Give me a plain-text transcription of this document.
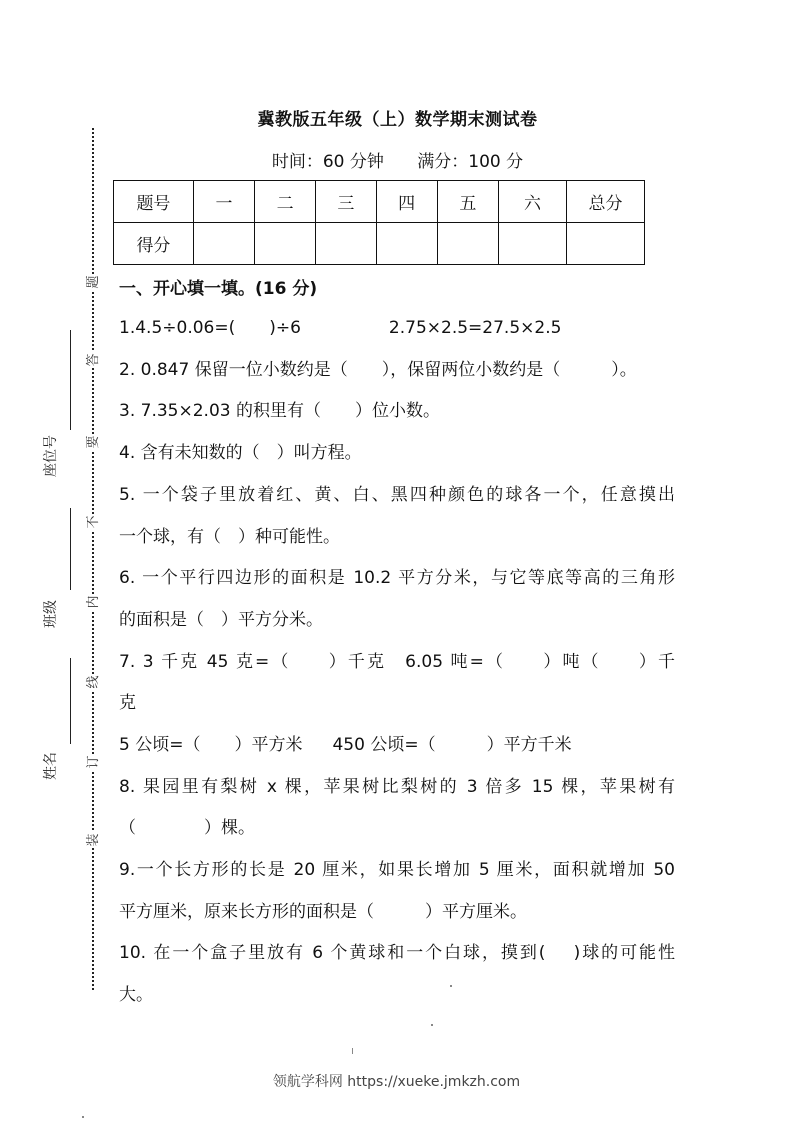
题
答
要
不
内
线
订
装
座位号
班级
姓名
冀教版五年级（上）数学期末测试卷
时间：60 分钟 满分：100 分
题号	一	二	三	四	五	六	总分
得分							
一、开心填一填。(16 分)
1.4.5÷0.06=(　　)÷6	2.75×2.5=27.5×2.5
2. 0.847 保留一位小数约是（　　），保留两位小数约是（　　　）。
3. 7.35×2.03 的积里有（　　）位小数。
4. 含有未知数的（　）叫方程。
5. 一个袋子里放着红、黄、白、黑四种颜色的球各一个，任意摸出
一个球，有（　）种可能性。
6. 一个平行四边形的面积是 10.2 平方分米，与它等底等高的三角形
的面积是（　）平方分米。
7. 3 千克 45 克=（　　）千克　6.05 吨=（　　）吨（　　）千
克
5 公顷=（　　）平方米 450 公顷=（　　　）平方千米
8. 果园里有梨树 x 棵，苹果树比梨树的 3 倍多 15 棵，苹果树有
（　　　　）棵。
9.一个长方形的长是 20 厘米，如果长增加 5 厘米，面积就增加 50
平方厘米，原来长方形的面积是（　　　）平方厘米。
10. 在一个盒子里放有 6 个黄球和一个白球，摸到(　 )球的可能性
大。
领航学科网 https://xueke.jmkzh.com
